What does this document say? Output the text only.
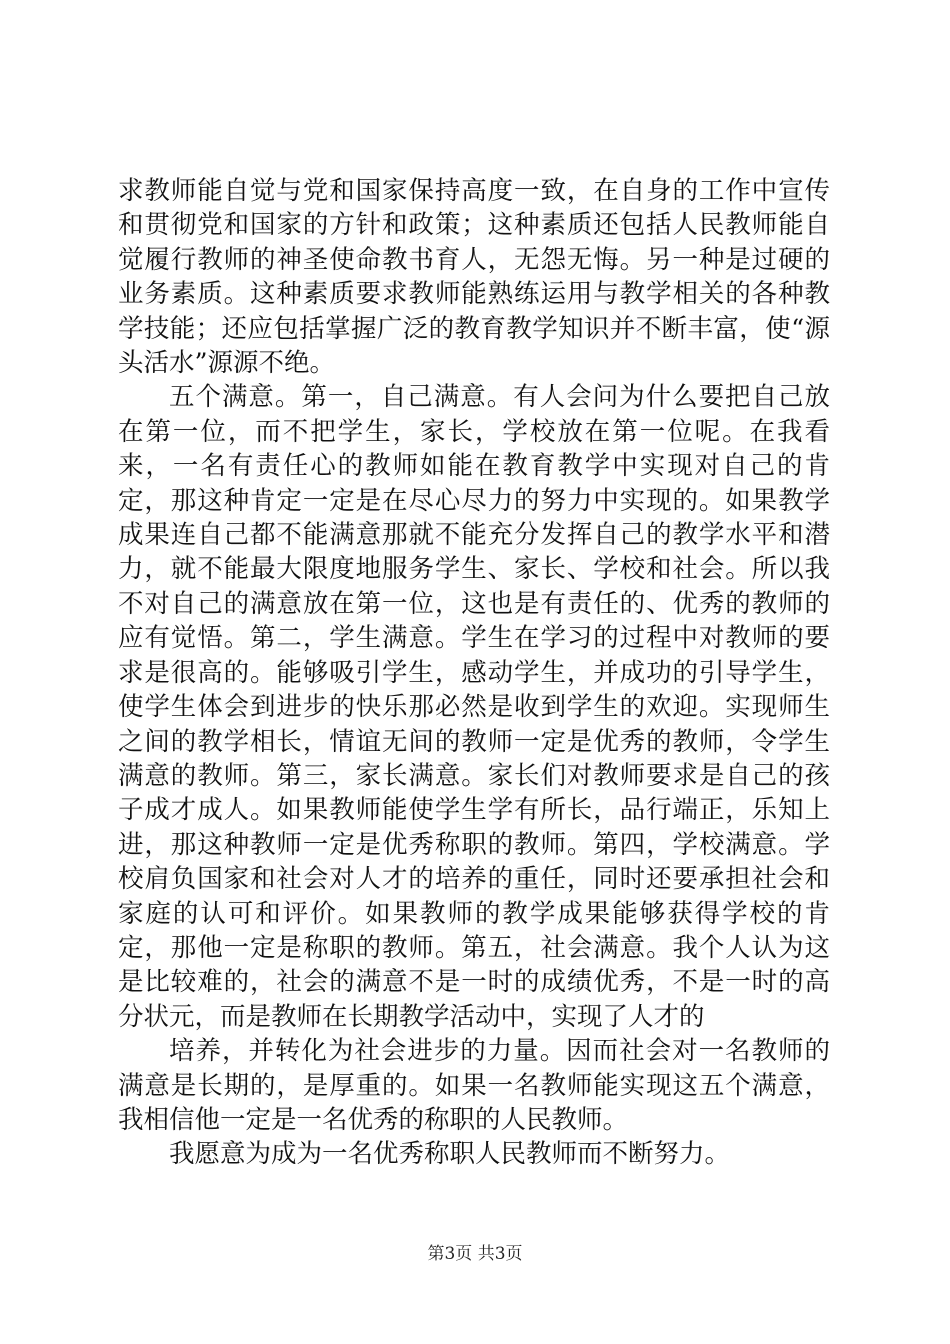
求教师能自觉与党和国家保持高度一致，在自身的工作中宣传和贯彻党和国家的方针和政策；这种素质还包括人民教师能自觉履行教师的神圣使命教书育人，无怨无悔。另一种是过硬的业务素质。这种素质要求教师能熟练运用与教学相关的各种教学技能；还应包括掌握广泛的教育教学知识并不断丰富，使“源头活水”源源不绝。

五个满意。第一，自己满意。有人会问为什么要把自己放在第一位，而不把学生，家长，学校放在第一位呢。在我看来，一名有责任心的教师如能在教育教学中实现对自己的肯定，那这种肯定一定是在尽心尽力的努力中实现的。如果教学成果连自己都不能满意那就不能充分发挥自己的教学水平和潜力，就不能最大限度地服务学生、家长、学校和社会。所以我不对自己的满意放在第一位，这也是有责任的、优秀的教师的应有觉悟。第二，学生满意。学生在学习的过程中对教师的要求是很高的。能够吸引学生，感动学生，并成功的引导学生，使学生体会到进步的快乐那必然是收到学生的欢迎。实现师生之间的教学相长，情谊无间的教师一定是优秀的教师，令学生满意的教师。第三，家长满意。家长们对教师要求是自己的孩子成才成人。如果教师能使学生学有所长，品行端正，乐知上进，那这种教师一定是优秀称职的教师。第四，学校满意。学校肩负国家和社会对人才的培养的重任，同时还要承担社会和家庭的认可和评价。如果教师的教学成果能够获得学校的肯定，那他一定是称职的教师。第五，社会满意。我个人认为这是比较难的，社会的满意不是一时的成绩优秀，不是一时的高分状元，而是教师在长期教学活动中，实现了人才的

培养，并转化为社会进步的力量。因而社会对一名教师的满意是长期的，是厚重的。如果一名教师能实现这五个满意，我相信他一定是一名优秀的称职的人民教师。

我愿意为成为一名优秀称职人民教师而不断努力。

第3页 共3页
